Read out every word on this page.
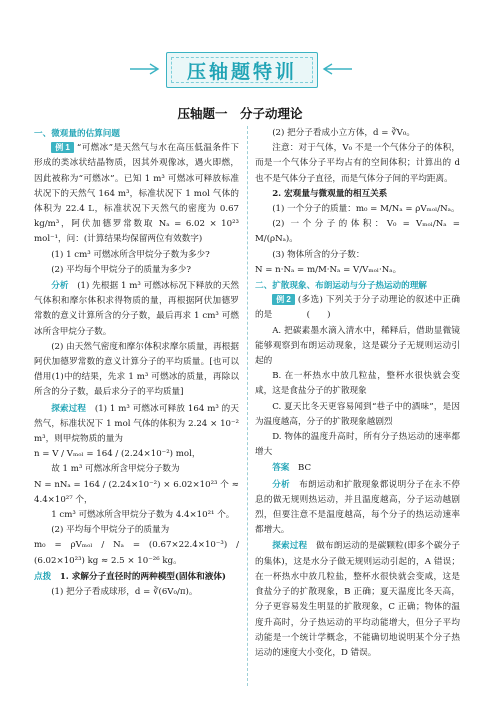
压轴题特训
压轴题一　分子动理论

一、微观量的估算问题

例 1 “可燃冰”是天然气与水在高压低温条件下形成的类冰状结晶物质，因其外观像冰，遇火即燃，因此被称为“可燃冰”。已知 1 m³ 可燃冰可释放标准状况下的天然气 164 m³，标准状况下 1 mol 气体的体积为 22.4 L，标准状况下天然气的密度为 0.67 kg/m³，阿伏加德罗常数取 Nₐ = 6.02 × 10²³ mol⁻¹，问：(计算结果均保留两位有效数字)

(1) 1 cm³ 可燃冰所含甲烷分子数为多少?

(2) 平均每个甲烷分子的质量为多少?

分析　 (1) 先根据 1 m³ 可燃冰标况下释放的天然气体积和摩尔体积求得物质的量，再根据阿伏加德罗常数的意义计算所含的分子数，最后再求 1 cm³ 可燃冰所含甲烷分子数。

(2) 由天然气密度和摩尔体积求摩尔质量，再根据阿伏加德罗常数的意义计算分子的平均质量。[也可以借用(1)中的结果，先求 1 m³ 可燃冰的质量，再除以所含的分子数，最后求分子的平均质量]

探索过程　 (1) 1 m³ 可燃冰可释放 164 m³ 的天然气，标准状况下 1 mol 气体的体积为 2.24 × 10⁻² m³，则甲烷物质的量为

n = V / Vₘₒₗ = 164 / (2.24×10⁻²) mol，

故 1 m³ 可燃冰所含甲烷分子数为

N = nNₐ = 164 / (2.24×10⁻²) × 6.02×10²³ 个 ≈ 4.4×10²⁷ 个，

1 cm³ 可燃冰所含甲烷分子数为 4.4×10²¹ 个。

(2) 平均每个甲烷分子的质量为

m₀ = ρVₘₒₗ / Nₐ = (0.67×22.4×10⁻³) / (6.02×10²³) kg ≈ 2.5 × 10⁻²⁶ kg。

点拨　 1. 求解分子直径时的两种模型(固体和液体)

(1) 把分子看成球形，d = ∛(6V₀/π)。

(2) 把分子看成小立方体，d = ∛V₀。

注意：对于气体，V₀ 不是一个气体分子的体积，而是一个气体分子平均占有的空间体积；计算出的 d 也不是气体分子直径，而是气体分子间的平均距离。

2. 宏观量与微观量的相互关系

(1) 一个分子的质量：m₀ = M/Nₐ = ρVₘₒₗ/Nₐ。

(2) 一个分子的体积：V₀ = Vₘₒₗ/Nₐ = M/(ρNₐ)。

(3) 物体所含的分子数：

N = n·Nₐ = m/M·Nₐ = V/Vₘₒₗ·Nₐ。

二、扩散现象、布朗运动与分子热运动的理解

例 2 (多选) 下列关于分子动理论的叙述中正确的是　　　　(　　)

A. 把碳素墨水滴入清水中，稀释后，借助显微镜能够观察到布朗运动现象，这是碳分子无规则运动引起的

B. 在一杯热水中放几粒盐，整杯水很快就会变咸，这是食盐分子的扩散现象

C. 夏天比冬天更容易闻到“巷子中的酒味”，是因为温度越高，分子的扩散现象越剧烈

D. 物体的温度升高时，所有分子热运动的速率都增大

答案　 BC

分析　 布朗运动和扩散现象都说明分子在永不停息的做无规则热运动，并且温度越高，分子运动越剧烈，但要注意不是温度越高，每个分子的热运动速率都增大。

探索过程　 做布朗运动的是碳颗粒(即多个碳分子的集体)，这是水分子做无规则运动引起的，A 错误；在一杯热水中放几粒盐，整杯水很快就会变咸，这是食盐分子的扩散现象，B 正确；夏天温度比冬天高，分子更容易发生明显的扩散现象，C 正确；物体的温度升高时，分子热运动的平均动能增大，但分子平均动能是一个统计学概念，不能确切地说明某个分子热运动的速度大小变化，D 错误。
